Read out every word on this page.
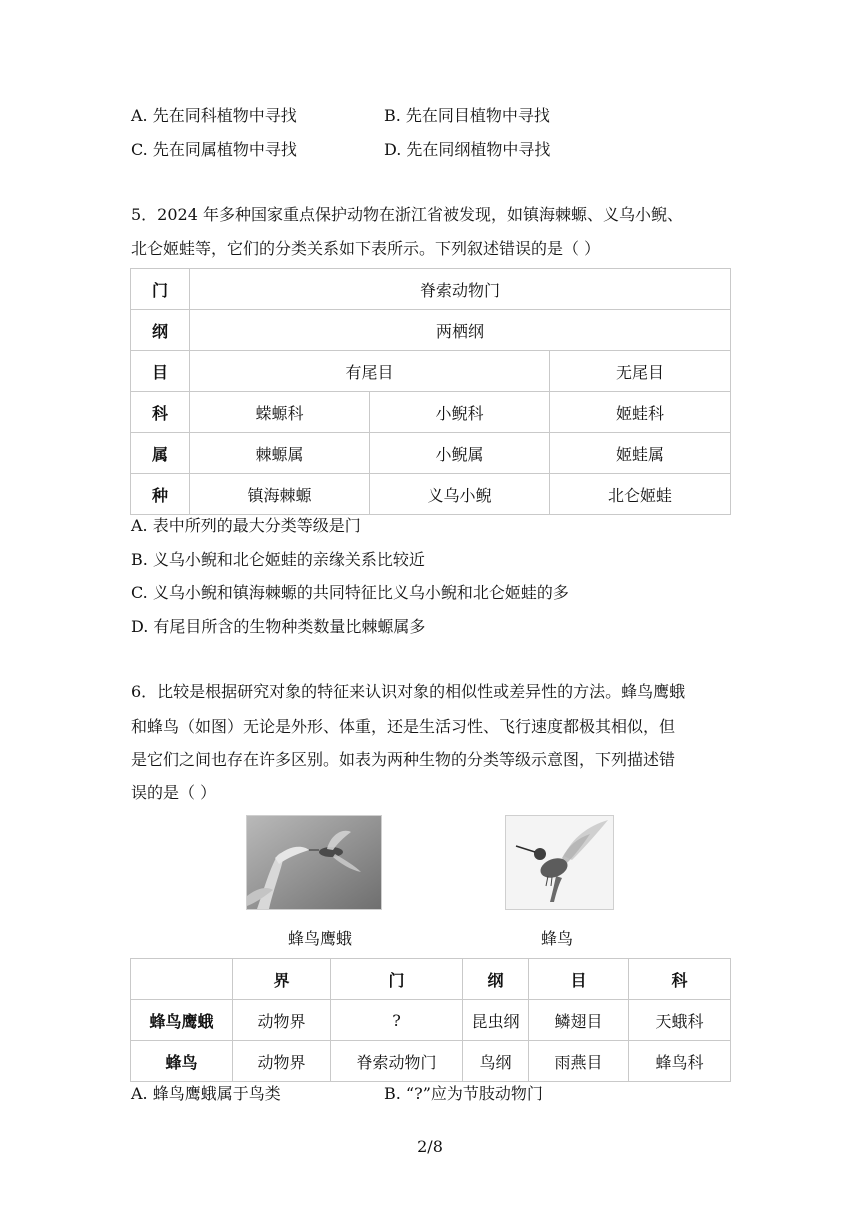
A. 先在同科植物中寻找	B. 先在同目植物中寻找
C. 先在同属植物中寻找	D. 先在同纲植物中寻找
5．2024 年多种国家重点保护动物在浙江省被发现，如镇海棘螈、义乌小鲵、
北仑姬蛙等，它们的分类关系如下表所示。下列叙述错误的是（ ）
门	脊索动物门		
纲	两栖纲		
目	有尾目		无尾目
科	蝾螈科	小鲵科	姬蛙科
属	棘螈属	小鲵属	姬蛙属
种	镇海棘螈	义乌小鲵	北仑姬蛙
A. 表中所列的最大分类等级是门
B. 义乌小鲵和北仑姬蛙的亲缘关系比较近
C. 义乌小鲵和镇海棘螈的共同特征比义乌小鲵和北仑姬蛙的多
D. 有尾目所含的生物种类数量比棘螈属多
6．比较是根据研究对象的特征来认识对象的相似性或差异性的方法。蜂鸟鹰蛾
和蜂鸟（如图）无论是外形、体重，还是生活习性、飞行速度都极其相似，但
是它们之间也存在许多区别。如表为两种生物的分类等级示意图，下列描述错
误的是（ ）
蜂鸟鹰蛾	蜂鸟
	界	门	纲	目	科
蜂鸟鹰蛾	动物界	?	昆虫纲	鳞翅目	天蛾科
蜂鸟	动物界	脊索动物门	鸟纲	雨燕目	蜂鸟科
A. 蜂鸟鹰蛾属于鸟类	B. “?”应为节肢动物门
2/8
